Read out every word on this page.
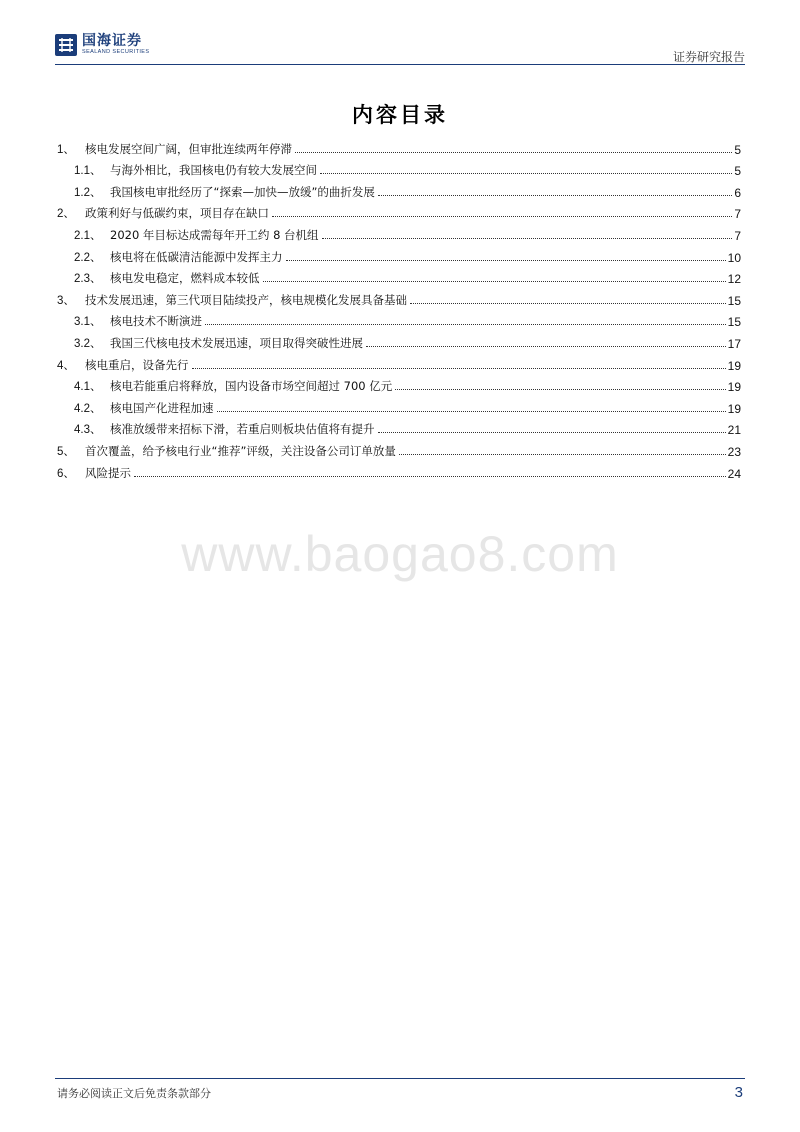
国海证券
SEALAND SECURITIES	证券研究报告
内容目录
1、 核电发展空间广阔，但审批连续两年停滞	5
1.1、 与海外相比，我国核电仍有较大发展空间	5
1.2、 我国核电审批经历了“探索—加快—放缓”的曲折发展	6
2、 政策利好与低碳约束，项目存在缺口	7
2.1、 2020 年目标达成需每年开工约 8 台机组	7
2.2、 核电将在低碳清洁能源中发挥主力	10
2.3、 核电发电稳定，燃料成本较低	12
3、 技术发展迅速，第三代项目陆续投产，核电规模化发展具备基础	15
3.1、 核电技术不断演进	15
3.2、 我国三代核电技术发展迅速，项目取得突破性进展	17
4、 核电重启，设备先行	19
4.1、 核电若能重启将释放，国内设备市场空间超过 700 亿元	19
4.2、 核电国产化进程加速	19
4.3、 核准放缓带来招标下滑，若重启则板块估值将有提升	21
5、 首次覆盖，给予核电行业“推荐”评级，关注设备公司订单放量	23
6、 风险提示	24
www.baogao8.com
请务必阅读正文后免责条款部分	3
